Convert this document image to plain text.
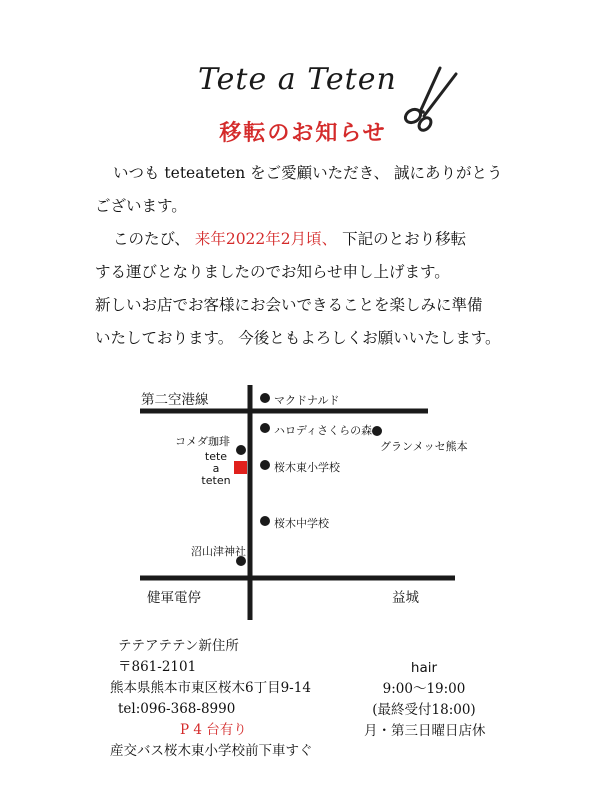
Tete a Teten
移転のお知らせ
いつも teteateten をご愛顧いただき、 誠にありがとう
ございます。
このたび、 来年2022年2月頃、 下記のとおり移転
する運びとなりましたのでお知らせ申し上げます。
新しいお店でお客様にお会いできることを楽しみに準備
いたしております。 今後ともよろしくお願いいたします。
第二空港線	マクドナルド
ハロディさくらの森
グランメッセ熊本
コメダ珈琲
tete
a
teten
桜木東小学校
桜木中学校
沼山津神社
健軍電停	益城
テテアテテン新住所
〒861-2101
熊本県熊本市東区桜木6丁目9-14
tel:096-368-8990
P 4 台有り
産交バス桜木東小学校前下車すぐ
hair
9:00〜19:00
(最終受付18:00)
月・第三日曜日店休
